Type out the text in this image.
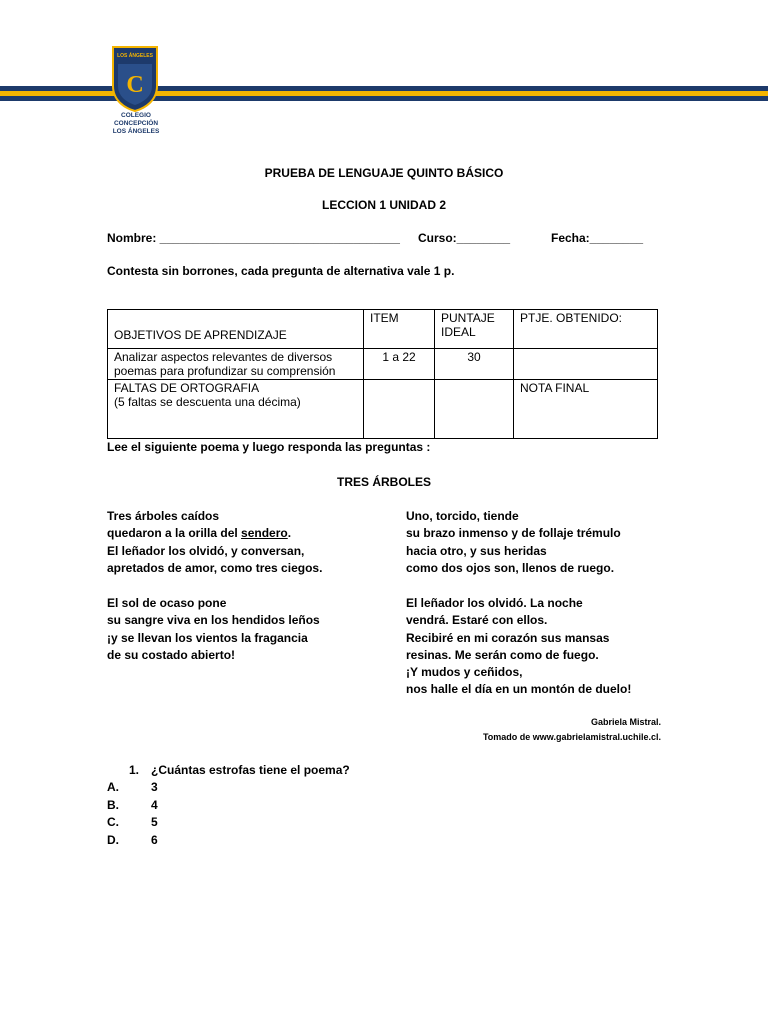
LOS ÁNGELES
C
COLEGIO CONCEPCIÓN
LOS ÁNGELES
PRUEBA DE LENGUAJE QUINTO BÁSICO
LECCION 1 UNIDAD 2
Nombre: ____________________________________ Curso:________	Fecha:________
Contesta sin borrones, cada pregunta de alternativa vale 1 p.
OBJETIVOS DE APRENDIZAJE	ITEM	PUNTAJE IDEAL	PTJE. OBTENIDO:
Analizar aspectos relevantes de diversos poemas para profundizar su comprensión	1 a 22	30	

FALTAS DE ORTOGRAFIA
(5 faltas se descuenta una décima)			NOTA FINAL
Lee el siguiente poema y luego responda las preguntas :
TRES ÁRBOLES
Tres árboles caídos
quedaron a la orilla del sendero.
El leñador los olvidó, y conversan,
apretados de amor, como tres ciegos.
El sol de ocaso pone
su sangre viva en los hendidos leños
¡y se llevan los vientos la fragancia
de su costado abierto!
Uno, torcido, tiende
su brazo inmenso y de follaje trémulo
hacia otro, y sus heridas
como dos ojos son, llenos de ruego.
El leñador los olvidó. La noche
vendrá. Estaré con ellos.
Recibiré en mi corazón sus mansas
resinas. Me serán como de fuego.
¡Y mudos y ceñidos,
nos halle el día en un montón de duelo!
Gabriela Mistral.
Tomado de www.gabrielamistral.uchile.cl.
1. ¿Cuántas estrofas tiene el poema?
A.	3
B.	4
C.	5
D.	6
